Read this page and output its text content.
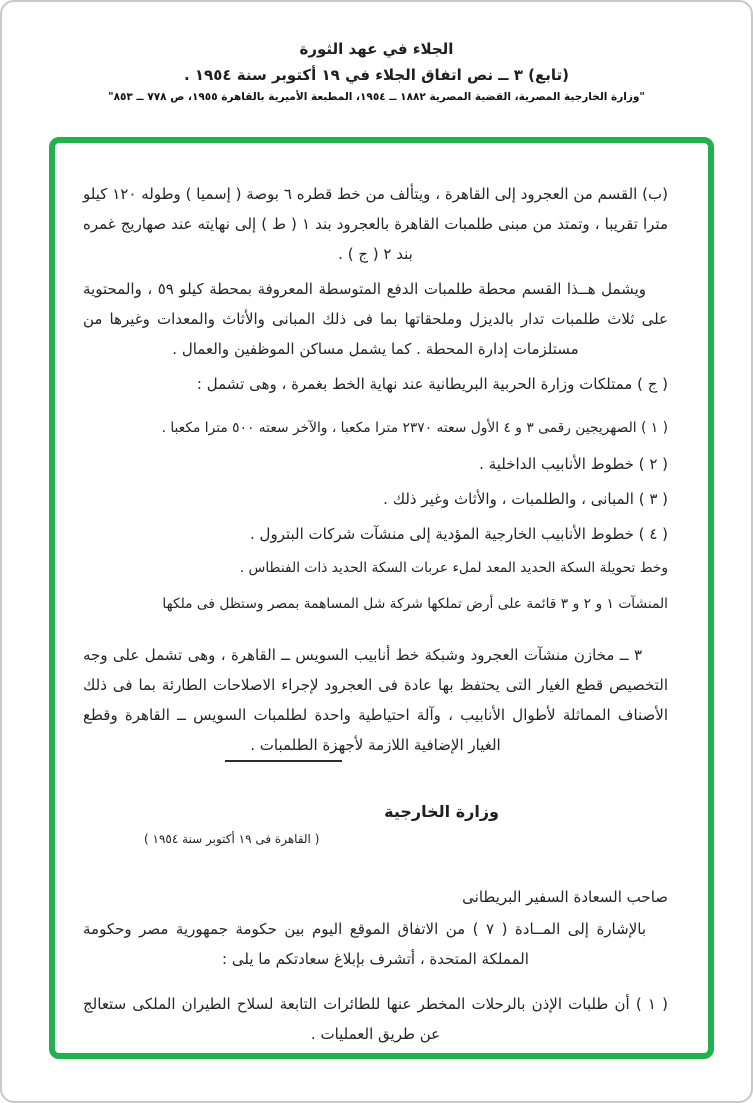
الجلاء في عهد الثورة
(تابع) ٣ ــ نص اتفاق الجلاء في ١٩ أكتوبر سنة ١٩٥٤ .
"وزارة الخارجية المصرية، القضية المصرية ١٨٨٢ ــ ١٩٥٤، المطبعة الأميرية بالقاهرة ١٩٥٥، ص ٧٧٨ ــ ٨٥٣"

(ب) القسم من العجرود إلى القاهرة ، ويتألف من خط قطره ٦ بوصة ( إسميا ) وطوله ١٢٠ كيلو مترا تقريبا ، وتمتد من مبنى طلمبات القاهرة بالعجرود بند ١ ( ط ) إلى نهايته عند صهاريج غمره بند ٢ ( ج ) .

ويشمل هــذا القسم محطة طلمبات الدفع المتوسطة المعروفة بمحطة كيلو ٥٩ ، والمحتوية على ثلاث طلمبات تدار بالديزل وملحقاتها بما فى ذلك المبانى والأثاث والمعدات وغيرها من مستلزمات إدارة المحطة . كما يشمل مساكن الموظفين والعمال .

( ج ) ممتلكات وزارة الحربية البريطانية عند نهاية الخط بغمرة ، وهى تشمل :

( ١ ) الصهريجين رقمى ٣ و ٤ الأول سعته ٢٣٧٠ مترا مكعبا ، والآخر سعته ٥٠٠ مترا مكعبا .

( ٢ ) خطوط الأنابيب الداخلية .

( ٣ ) المبانى ، والطلمبات ، والأثاث وغير ذلك .

( ٤ ) خطوط الأنابيب الخارجية المؤدية إلى منشآت شركات البترول .

وخط تحويلة السكة الحديد المعد لملء عربات السكة الحديد ذات الفنطاس .

المنشآت ١ و ٢ و ٣ قائمة على أرض تملكها شركة شل المساهمة بمصر وستظل فى ملكها

٣ ــ مخازن منشآت العجرود وشبكة خط أنابيب السويس ــ القاهرة ، وهى تشمل على وجه التخصيص قطع الغيار التى يحتفظ بها عادة فى العجرود لإجراء الاصلاحات الطارئة بما فى ذلك الأصناف المماثلة لأطوال الأنابيب ، وآلة احتياطية واحدة لطلمبات السويس ــ القاهرة وقطع الغيار الإضافية اللازمة لأجهزة الطلمبات .

وزارة الخارجية
( القاهرة فى ١٩ أكتوبر سنة ١٩٥٤ )

صاحب السعادة السفير البريطانى

بالإشارة إلى المــادة ( ٧ ) من الاتفاق الموقع اليوم بين حكومة جمهورية مصر وحكومة المملكة المتحدة ، أتشرف بإبلاغ سعادتكم ما يلى :

( ١ ) أن طلبات الإذن بالرحلات المخطر عنها للطائرات التابعة لسلاح الطيران الملكى ستعالج عن طريق العمليات .
